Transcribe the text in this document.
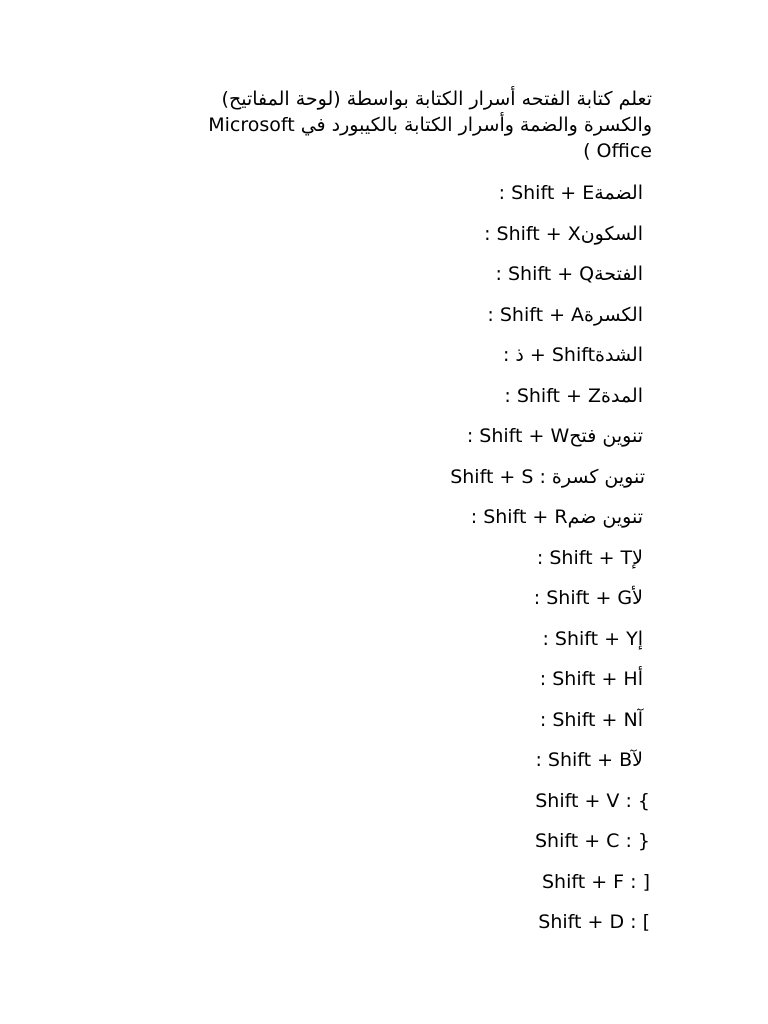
تعلم كتابة الفتحه أسرار الكتابة بواسطة (لوحة المفاتيح) والكسرة والضمة وأسرار الكتابة بالكيبورد في Microsoft Office )
الضمةShift + E :
السكونShift + X :
الفتحةShift + Q :
الكسرةShift + A :
الشدةShift + ذ :
المدةShift + Z :
تنوين فتحShift + W :
تنوين كسرة : Shift + S
تنوين ضمShift + R :
لإShift + T :
لأShift + G :
إShift + Y :
أShift + H :
آShift + N :
لآShift + B :
Shift + V : {
Shift + C : }
Shift + F : ]
Shift + D : [
